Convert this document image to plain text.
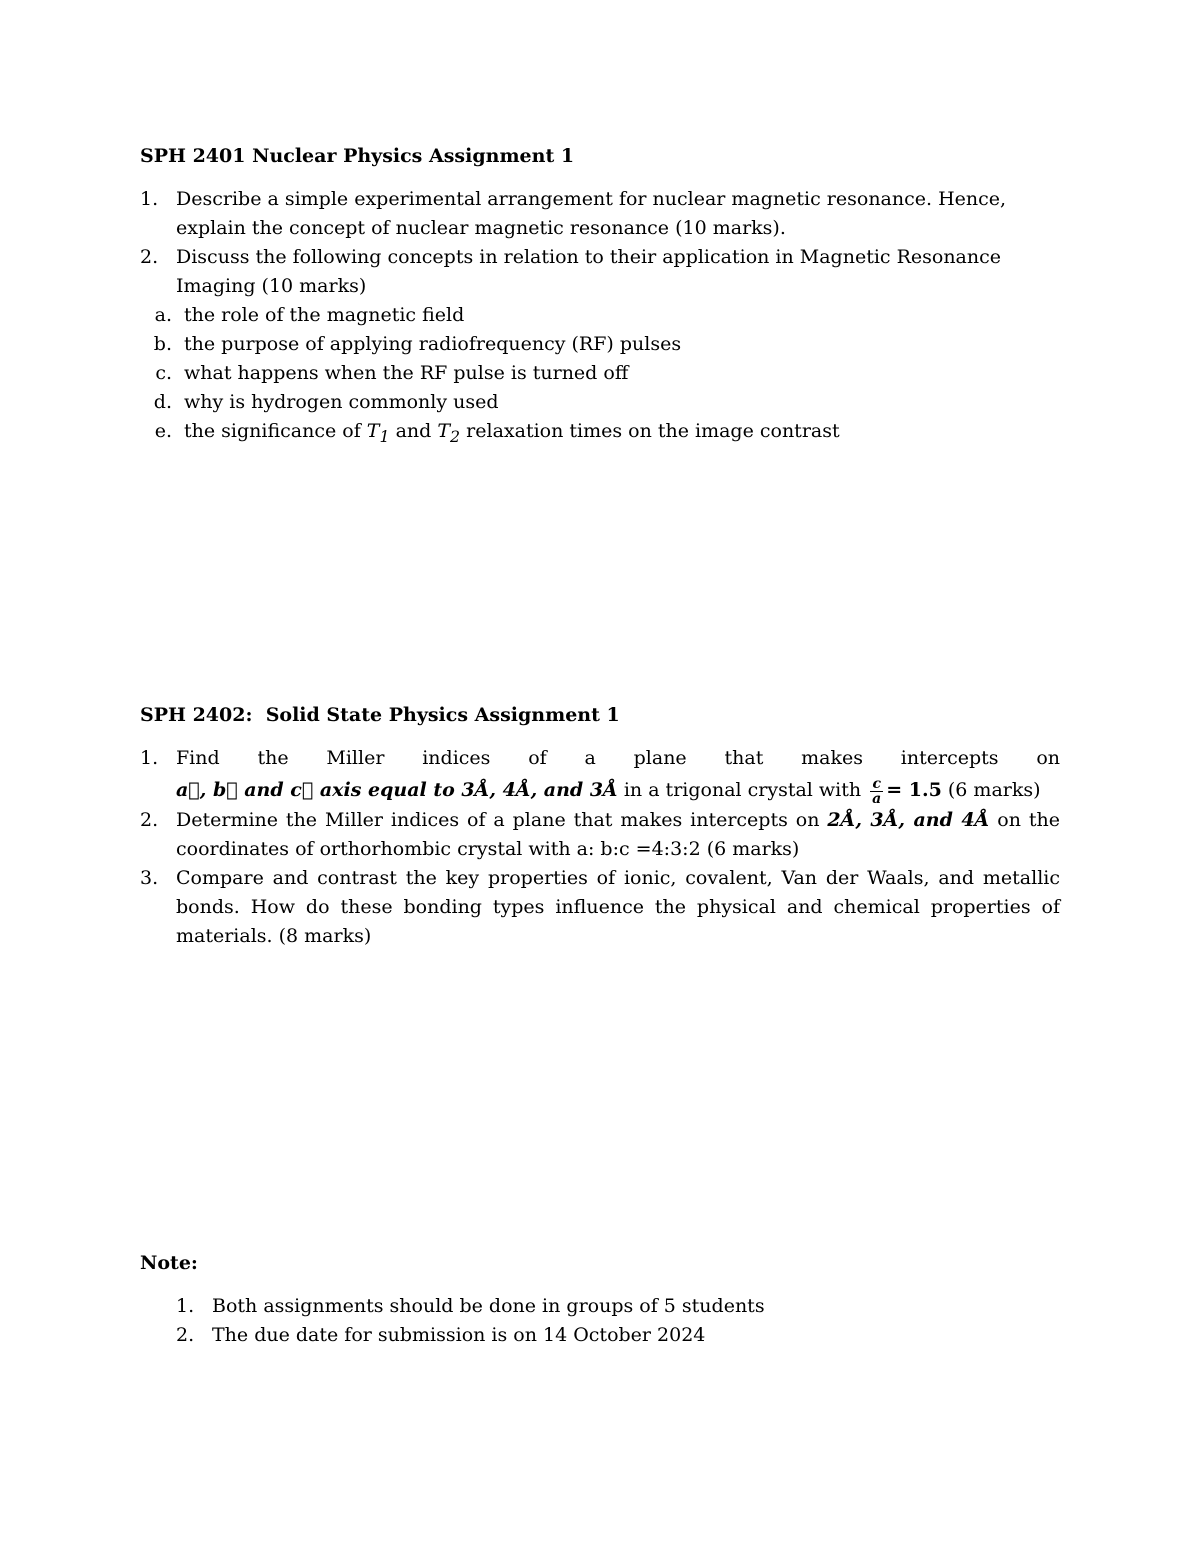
SPH 2401 Nuclear Physics Assignment 1
1. Describe a simple experimental arrangement for nuclear magnetic resonance. Hence, explain the concept of nuclear magnetic resonance (10 marks).
2. Discuss the following concepts in relation to their application in Magnetic Resonance Imaging (10 marks)
a. the role of the magnetic field
b. the purpose of applying radiofrequency (RF) pulses
c. what happens when the RF pulse is turned off
d. why is hydrogen commonly used
e. the significance of $T_1$ and $T_2$ relaxation times on the image contrast
SPH 2402:  Solid State Physics Assignment 1
1. Find the Miller indices of a plane that makes intercepts on
a⃗, b⃗ and c⃗ axis equal to 3Å, 4Å, and 3Å in a trigonal crystal with $\frac{c}{a} = 1.5$ (6 marks)
2. Determine the Miller indices of a plane that makes intercepts on 2Å, 3Å, and 4Å on the coordinates of orthorhombic crystal with a: b:c =4:3:2 (6 marks)
3. Compare and contrast the key properties of ionic, covalent, Van der Waals, and metallic bonds. How do these bonding types influence the physical and chemical properties of materials. (8 marks)
Note:
1. Both assignments should be done in groups of 5 students
2. The due date for submission is on 14 October 2024
